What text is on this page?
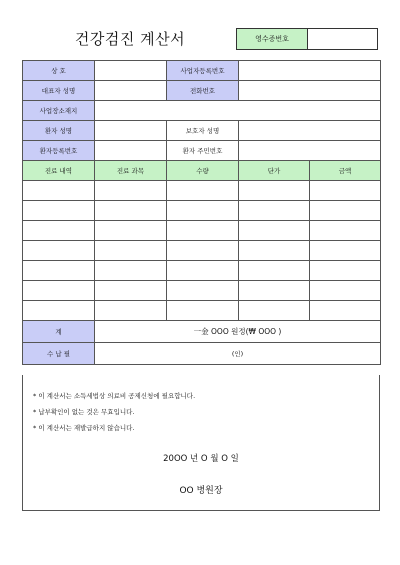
건강검진 계산서	영수증번호
상 호		사업자등록번호		
대표자 성명		전화번호		
사업장소재지				
환자 성명		보호자 성명		
환자등록번호		환자 주민번호		
진료 내역	진료 과목	수량	단가	금액

계	一金 OOO 원정(₩ OOO )			
수 납 필	(인)			
* 이 계산서는 소득세법상 의료비 공제신청에 필요합니다.
* 납부확인이 없는 것은 무효입니다.
* 이 계산서는 재발급하지 않습니다.
20OO 년 O 월 O 일
OO 병원장
